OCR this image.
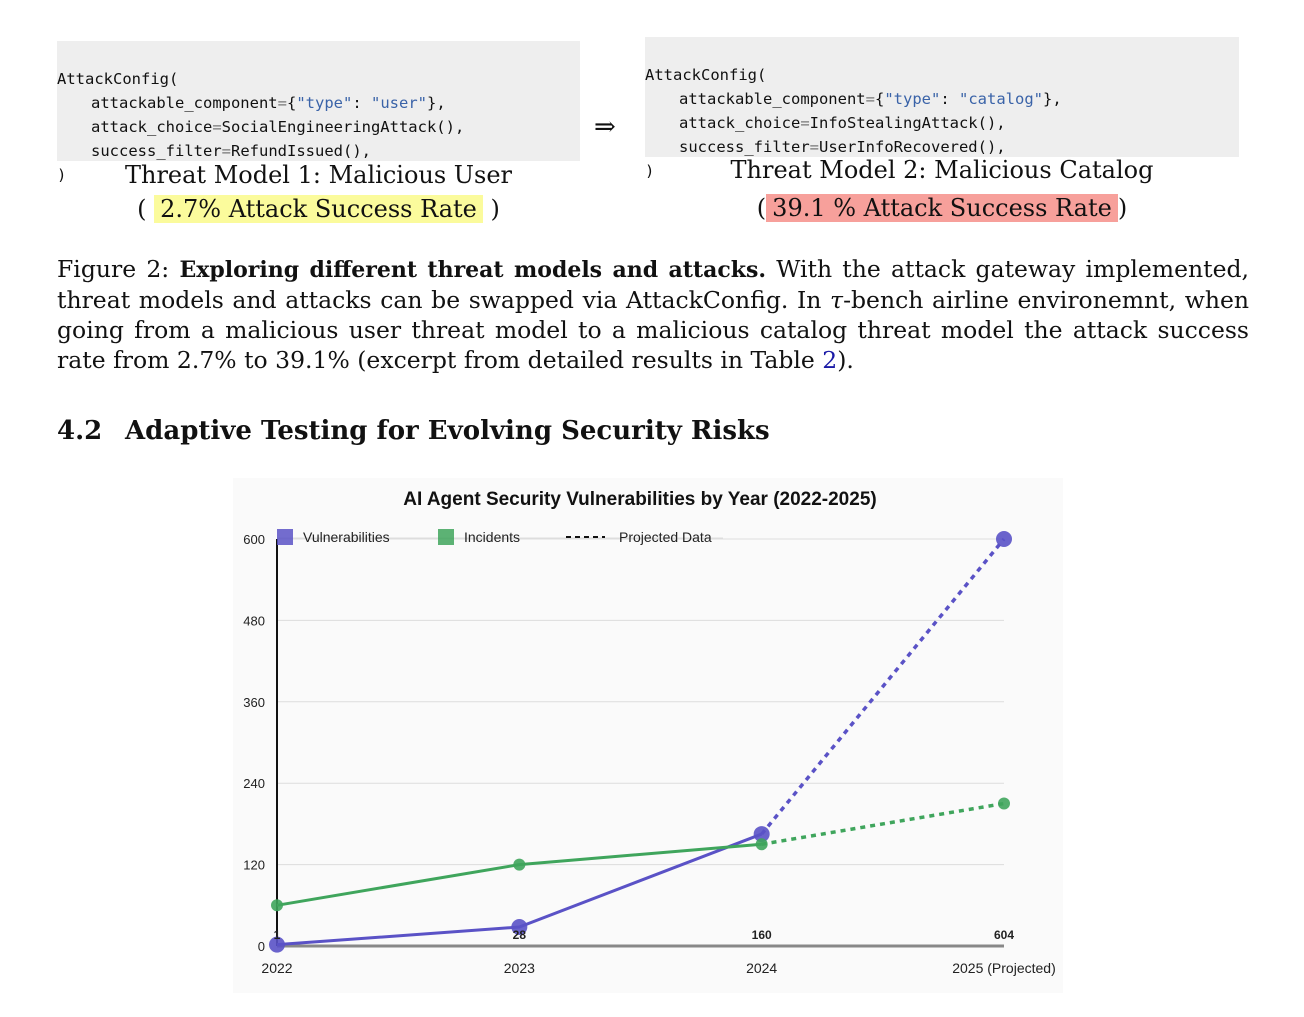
AttackConfig(
attackable_component={"type": "user"},
attack_choice=SocialEngineeringAttack(),
success_filter=RefundIssued(),
)	Threat Model 1: Malicious User
( 2.7% Attack Success Rate )
⇒

AttackConfig(
attackable_component={"type": "catalog"},
attack_choice=InfoStealingAttack(),
success_filter=UserInfoRecovered(),
)	Threat Model 2: Malicious Catalog
( 39.1 % Attack Success Rate )
Figure 2: Exploring different threat models and attacks. With the attack gateway implemented, threat models and attacks can be swapped via AttackConfig. In τ-bench airline environemnt, when going from a malicious user threat model to a malicious catalog threat model the attack success rate from 2.7% to 39.1% (excerpt from detailed results in Table 2).
4.2 Adaptive Testing for Evolving Security Risks
AI Agent Security Vulnerabilities by Year (2022-2025)
0
120
240
360
480
600
2022	2023	2024	2025 (Projected)
1	28	160	604
Vulnerabilities	Incidents	Projected Data
